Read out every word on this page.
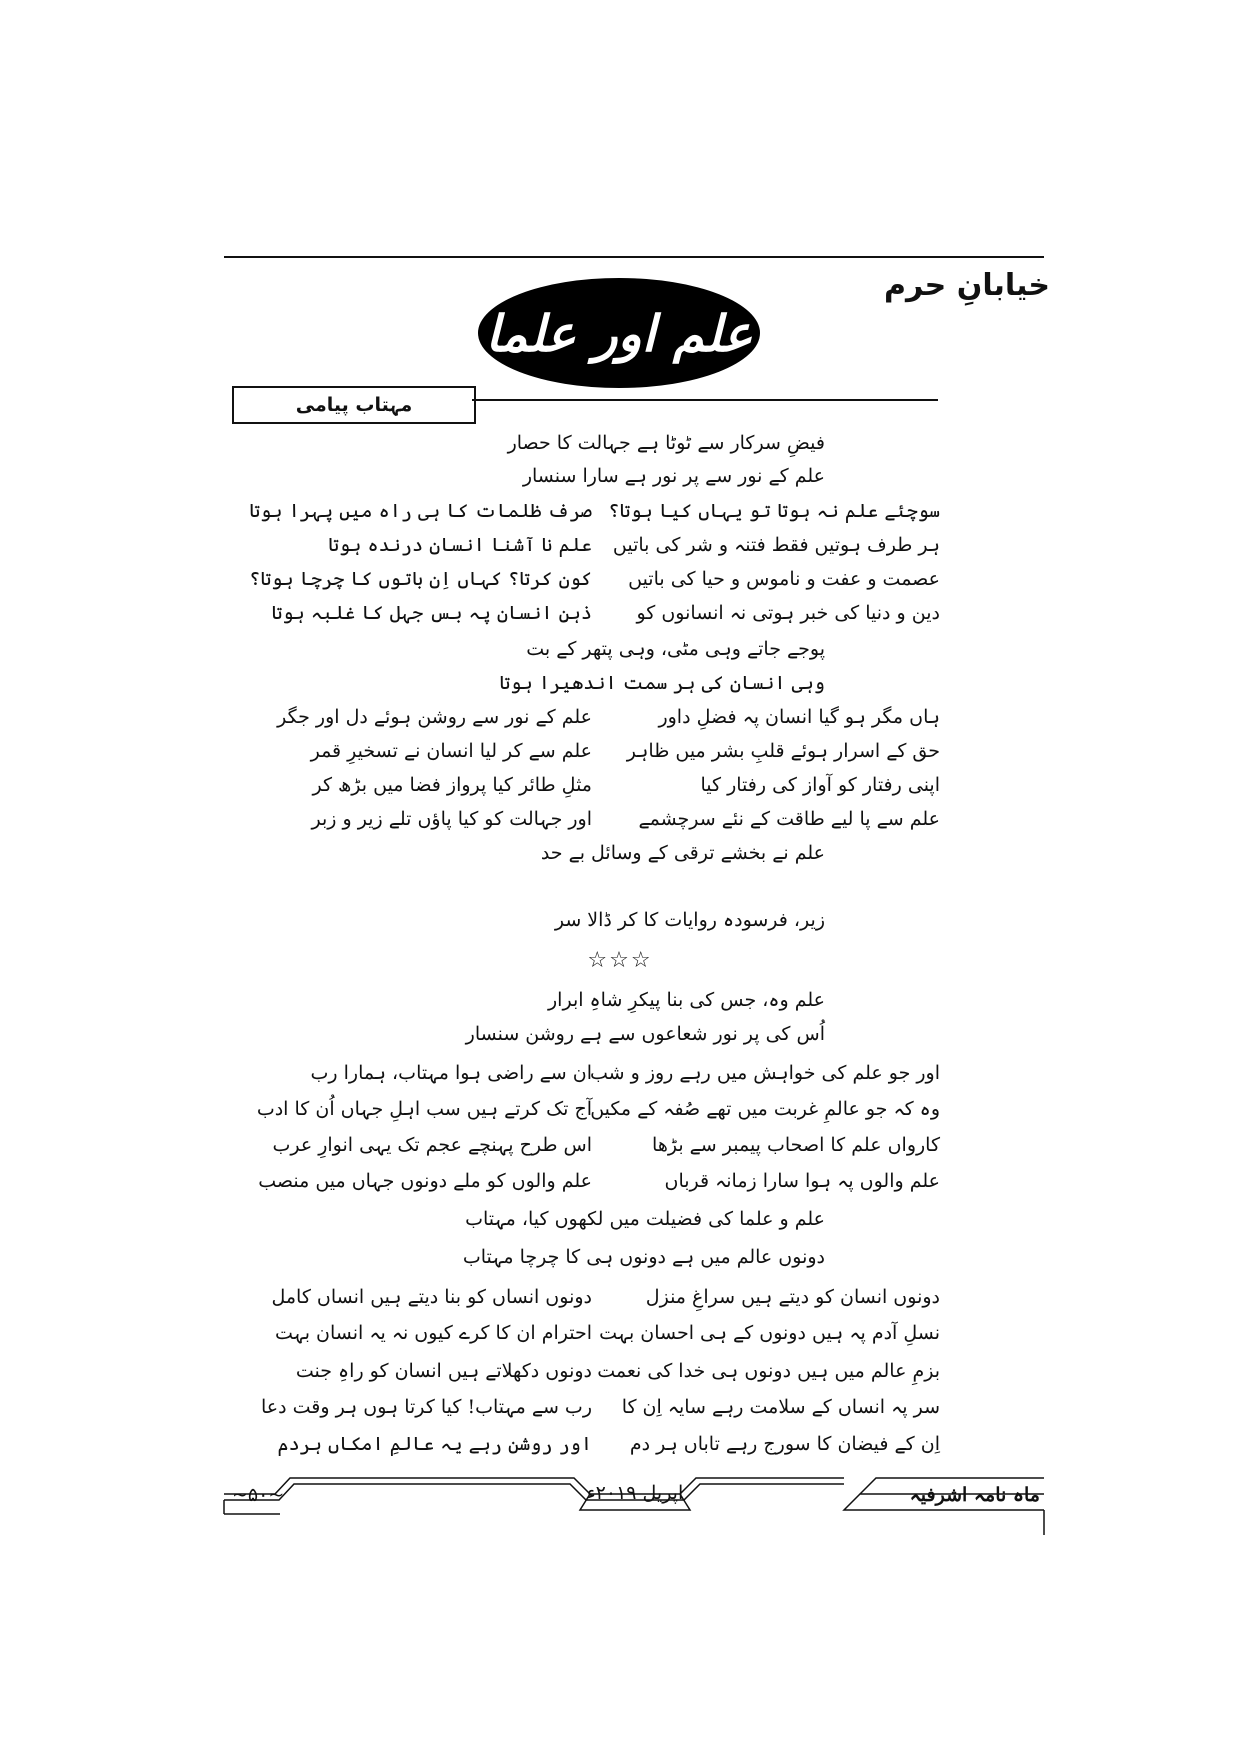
خیابانِ حرم
علم اور علما
مہتاب پیامی
فیضِ سرکار سے ٹوٹا ہے جہالت کا حصار
علم کے نور سے پر نور ہے سارا سنسار
سوچئے علم نہ ہوتا تو یہاں کیا ہوتا؟
صرف ظلمات کا ہی راہ میں پہرا ہوتا
ہر طرف ہوتیں فقط فتنہ و شر کی باتیں
علم نا آشنا انسان درندہ ہوتا
عصمت و عفت و ناموس و حیا کی باتیں
کون کرتا؟ کہاں اِن باتوں کا چرچا ہوتا؟
دین و دنیا کی خبر ہوتی نہ انسانوں کو
ذہنِ انسان پہ بس جہل کا غلبہ ہوتا
پوجے جاتے وہی مٹی، وہی پتھر کے بت
وہی انسان کی ہر سمت اندھیرا ہوتا
ہاں مگر ہو گیا انسان پہ فضلِ داور
علم کے نور سے روشن ہوئے دل اور جگر
حق کے اسرار ہوئے قلبِ بشر میں ظاہر
علم سے کر لیا انسان نے تسخیرِ قمر
اپنی رفتار کو آواز کی رفتار کیا
مثلِ طائر کیا پرواز فضا میں بڑھ کر
علم سے پا لیے طاقت کے نئے سرچشمے
اور جہالت کو کیا پاؤں تلے زیر و زبر
علم نے بخشے ترقی کے وسائل بے حد
زیر، فرسودہ روایات کا کر ڈالا سر
☆☆☆
علم وہ، جس کی بنا پیکرِ شاہِ ابرار
اُس کی پر نور شعاعوں سے ہے روشن سنسار
اور جو علم کی خواہش میں رہے روز و شب
ان سے راضی ہوا مہتاب، ہمارا رب
وہ کہ جو عالمِ غربت میں تھے صُفہ کے مکیں
آج تک کرتے ہیں سب اہلِ جہاں اُن کا ادب
کارواں علم کا اصحاب پیمبر سے بڑھا
اس طرح پہنچے عجم تک یہی انوارِ عرب
علم والوں پہ ہوا سارا زمانہ قرباں
علم والوں کو ملے دونوں جہاں میں منصب
علم و علما کی فضیلت میں لکھوں کیا، مہتاب
دونوں عالم میں ہے دونوں ہی کا چرچا مہتاب
دونوں انسان کو دیتے ہیں سراغِ منزل
دونوں انساں کو بنا دیتے ہیں انساں کامل
نسلِ آدم پہ ہیں دونوں کے ہی احسان بہت
احترام ان کا کرے کیوں نہ یہ انسان بہت
بزمِ عالم میں ہیں دونوں ہی خدا کی نعمت
دونوں دکھلاتے ہیں انسان کو راہِ جنت
سر پہ انساں کے سلامت رہے سایہ اِن کا
رب سے مہتاب! کیا کرتا ہوں ہر وقت دعا
اِن کے فیضان کا سورج رہے تاباں ہر دم
اور روشن رہے یہ عالمِ امکاں ہردم
ماہ نامہ اشرفیہ
اپریل ۲۰۱۹ء
~۵۰~
